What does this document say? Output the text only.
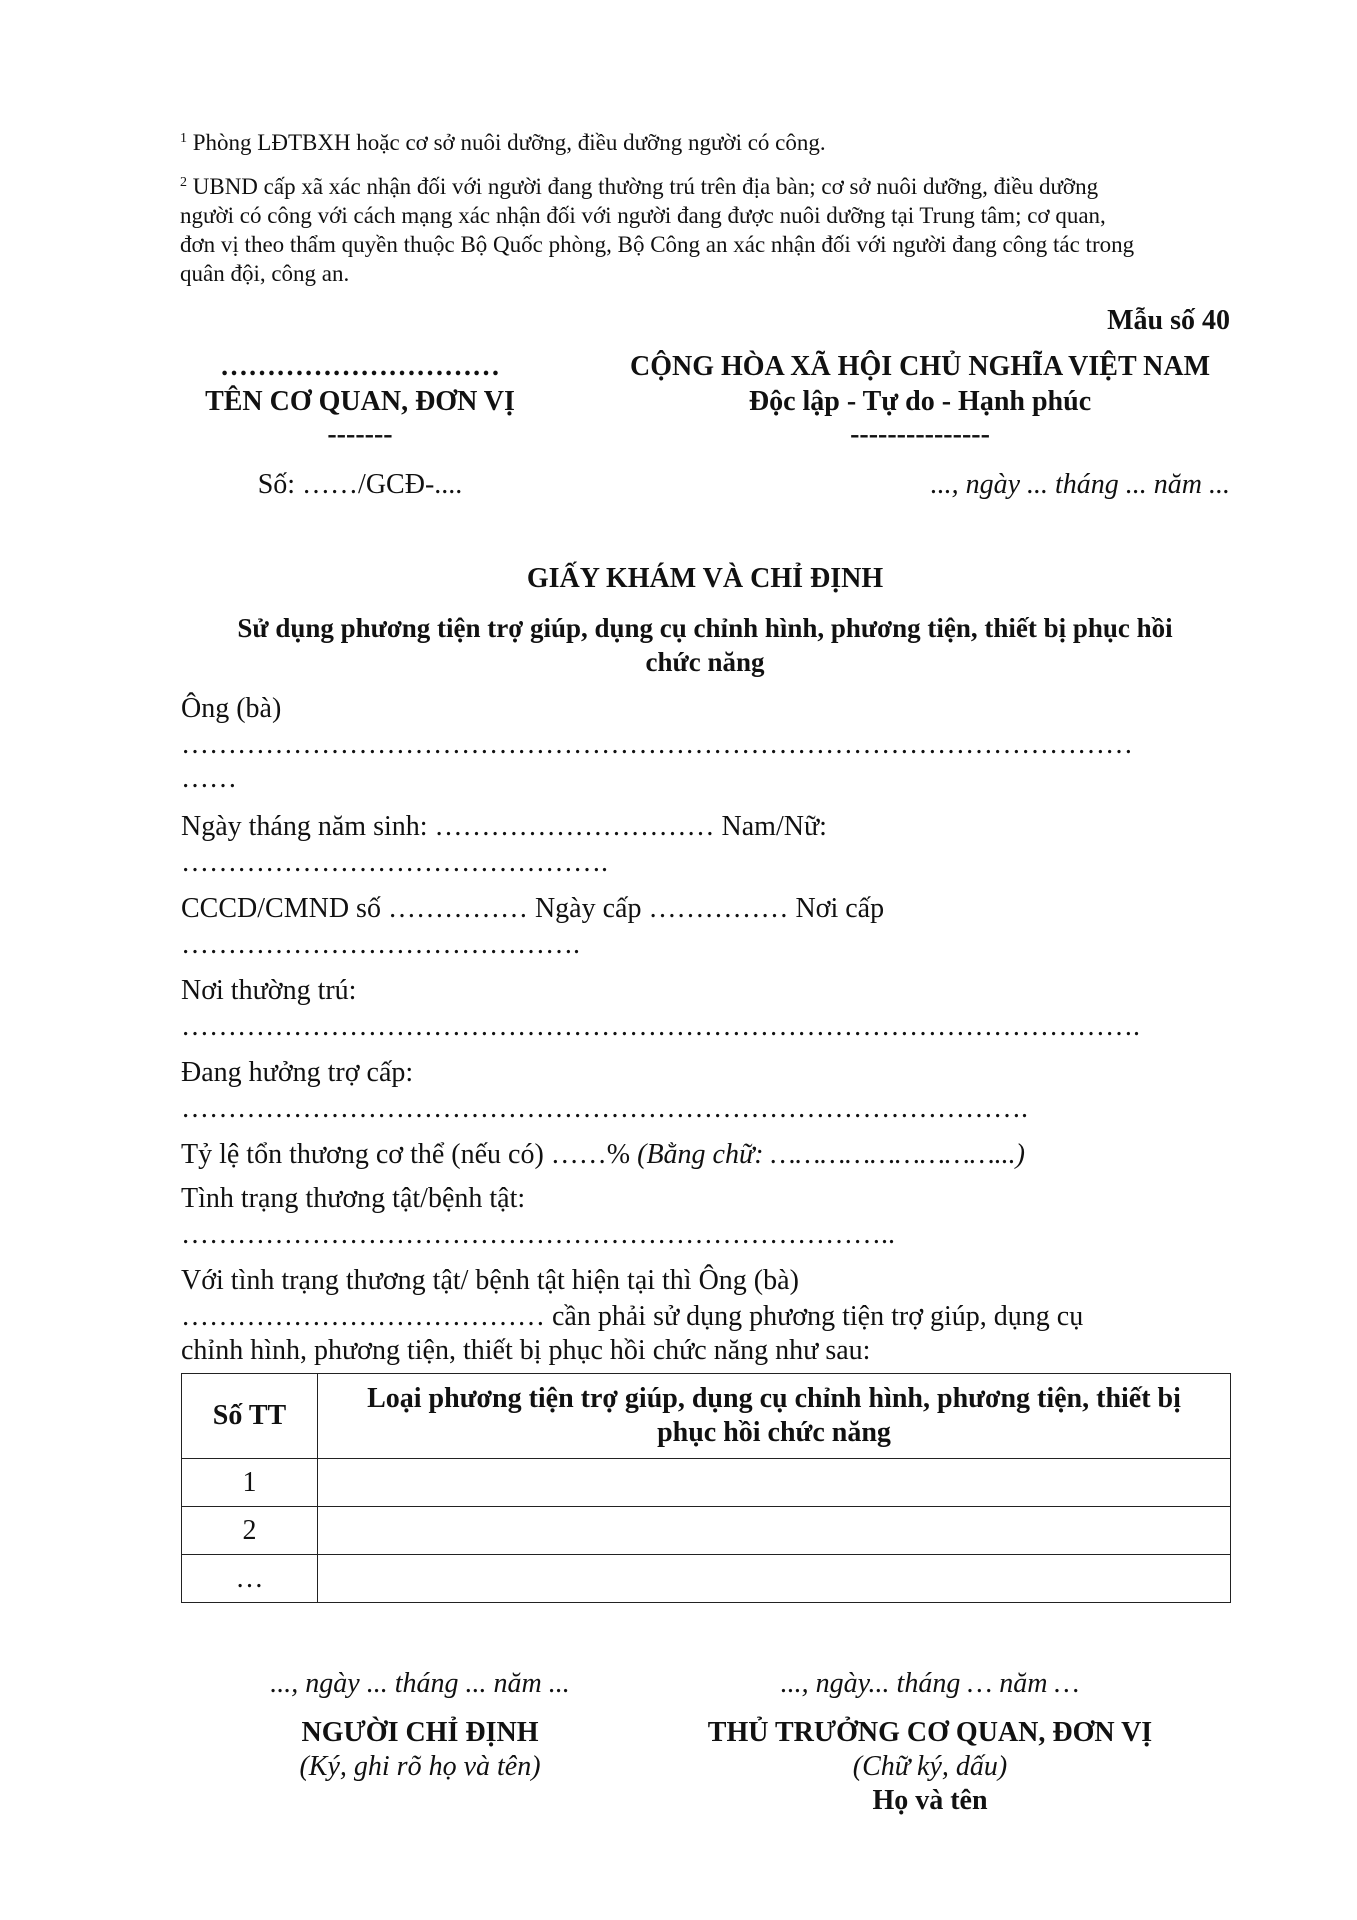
$^1$ Phòng LĐTBXH hoặc cơ sở nuôi dưỡng, điều dưỡng người có công.
$^2$ UBND cấp xã xác nhận đối với người đang thường trú trên địa bàn; cơ sở nuôi dưỡng, điều dưỡng
người có công với cách mạng xác nhận đối với người đang được nuôi dưỡng tại Trung tâm; cơ quan,
đơn vị theo thẩm quyền thuộc Bộ Quốc phòng, Bộ Công an xác nhận đối với người đang công tác trong
quân đội, công an.
Mẫu số 40
…………………………
TÊN CƠ QUAN, ĐƠN VỊ
-------
Số: ……/GCĐ-....
CỘNG HÒA XÃ HỘI CHỦ NGHĨA VIỆT NAM
Độc lập - Tự do - Hạnh phúc
---------------
..., ngày ... tháng ... năm ...
GIẤY KHÁM VÀ CHỈ ĐỊNH
Sử dụng phương tiện trợ giúp, dụng cụ chỉnh hình, phương tiện, thiết bị phục hồi
chức năng
Ông (bà)
…………………………………………………………………………………………
……
Ngày tháng năm sinh: ………………………… Nam/Nữ:
……………………………………….
CCCD/CMND số …………… Ngày cấp …………… Nơi cấp
…………………………………….
Nơi thường trú:
………………………………………………………………………………………….
Đang hưởng trợ cấp:
……………………………………………………………………………….
Tỷ lệ tổn thương cơ thể (nếu có) ……% (Bằng chữ: ………………………...)
Tình trạng thương tật/bệnh tật:
…………………………………………………………………..
Với tình trạng thương tật/ bệnh tật hiện tại thì Ông (bà)
………………………………… cần phải sử dụng phương tiện trợ giúp, dụng cụ
chỉnh hình, phương tiện, thiết bị phục hồi chức năng như sau:
Số TT	Loại phương tiện trợ giúp, dụng cụ chỉnh hình, phương tiện, thiết bị
phục hồi chức năng

1	
2	
…	
..., ngày ... tháng ... năm ...
NGƯỜI CHỈ ĐỊNH
(Ký, ghi rõ họ và tên)
..., ngày... tháng … năm …
THỦ TRƯỞNG CƠ QUAN, ĐƠN VỊ
(Chữ ký, dấu)
Họ và tên
